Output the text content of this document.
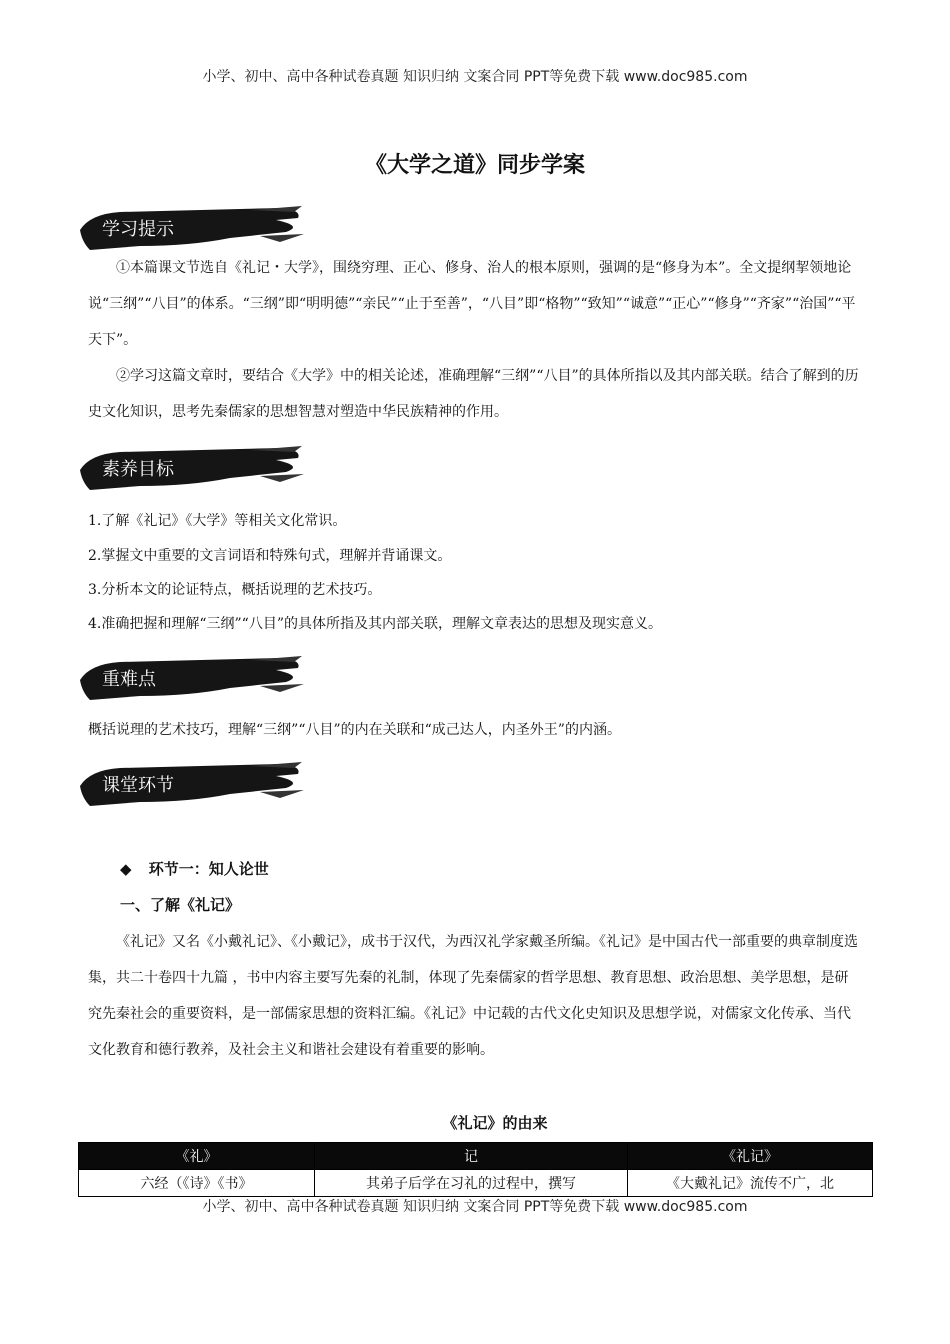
小学、初中、高中各种试卷真题 知识归纳 文案合同 PPT等免费下载 www.doc985.com
《大学之道》同步学案
学习提示
①本篇课文节选自《礼记・大学》，围绕穷理、正心、修身、治人的根本原则，强调的是“修身为本”。全文提纲挈领地论说“三纲”“八目”的体系。“三纲”即“明明德”“亲民”“止于至善”，“八目”即“格物”“致知”“诚意”“正心”“修身”“齐家”“治国”“平天下”。
②学习这篇文章时，要结合《大学》中的相关论述，准确理解“三纲”“八目”的具体所指以及其内部关联。结合了解到的历史文化知识，思考先秦儒家的思想智慧对塑造中华民族精神的作用。
素养目标
1.了解《礼记》《大学》等相关文化常识。
2.掌握文中重要的文言词语和特殊句式，理解并背诵课文。
3.分析本文的论证特点，概括说理的艺术技巧。
4.准确把握和理解“三纲”“八目”的具体所指及其内部关联，理解文章表达的思想及现实意义。
重难点
概括说理的艺术技巧，理解“三纲”“八目”的内在关联和“成己达人，内圣外王”的内涵。
课堂环节
◆ 环节一：知人论世
一、了解《礼记》
《礼记》又名《小戴礼记》、《小戴记》，成书于汉代，为西汉礼学家戴圣所编。《礼记》是中国古代一部重要的典章制度选集，共二十卷四十九篇 ，书中内容主要写先秦的礼制，体现了先秦儒家的哲学思想、教育思想、政治思想、美学思想，是研究先秦社会的重要资料，是一部儒家思想的资料汇编。《礼记》中记载的古代文化史知识及思想学说，对儒家文化传承、当代文化教育和德行教养，及社会主义和谐社会建设有着重要的影响。
《礼记》的由来
《礼》	记	《礼记》
六经（《诗》《书》	其弟子后学在习礼的过程中，撰写	《大戴礼记》流传不广，北
小学、初中、高中各种试卷真题 知识归纳 文案合同 PPT等免费下载 www.doc985.com
